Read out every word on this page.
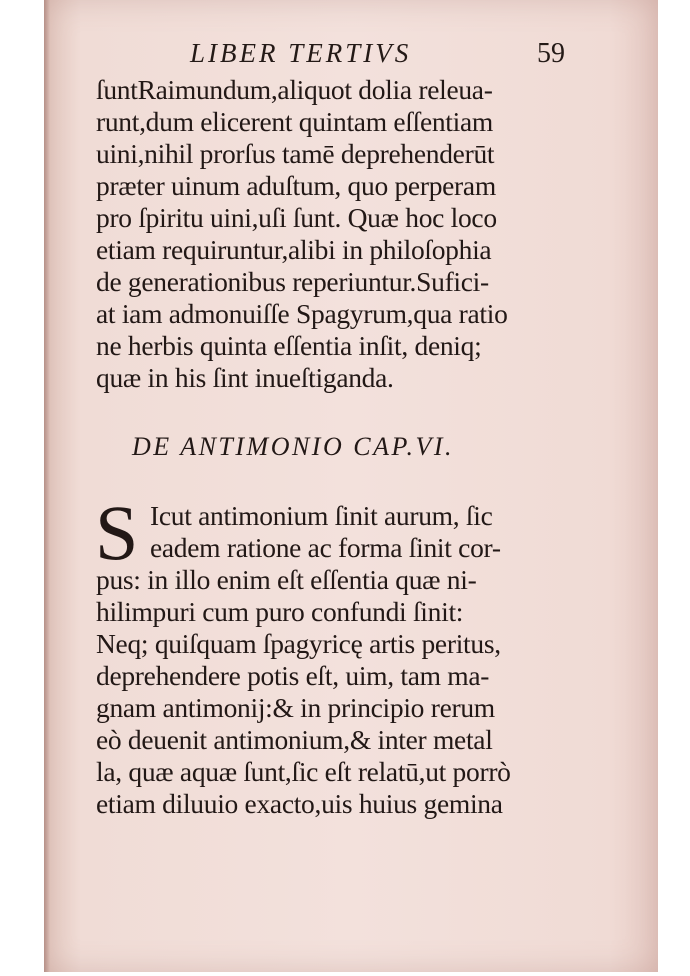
LIBER TERTIVS	59
ſuntRaimundum,aliquot dolia releua-
runt,dum elicerent quintam eſſentiam
uini,nihil prorſus tamē deprehenderūt
præter uinum aduſtum, quo perperam
pro ſpiritu uini,uſi ſunt. Quæ hoc loco
etiam requiruntur,alibi in philoſophia
de generationibus reperiuntur.Sufici-
at iam admonuiſſe Spagyrum,qua ratio
ne herbis quinta eſſentia inſit, deniq;
quæ in his ſint inueſtiganda.
DE ANTIMONIO CAP.VI.
S Icut antimonium ſinit aurum, ſic
eadem ratione ac forma ſinit cor-
pus: in illo enim eſt eſſentia quæ ni-
hilimpuri cum puro confundi ſinit:
Neq; quiſquam ſpagyricę artis peritus,
deprehendere potis eſt, uim, tam ma-
gnam antimonij:& in principio rerum
eò deuenit antimonium,& inter metal
la, quæ aquæ ſunt,ſic eſt relatū,ut porrò
etiam diluuio exacto,uis huius gemina
